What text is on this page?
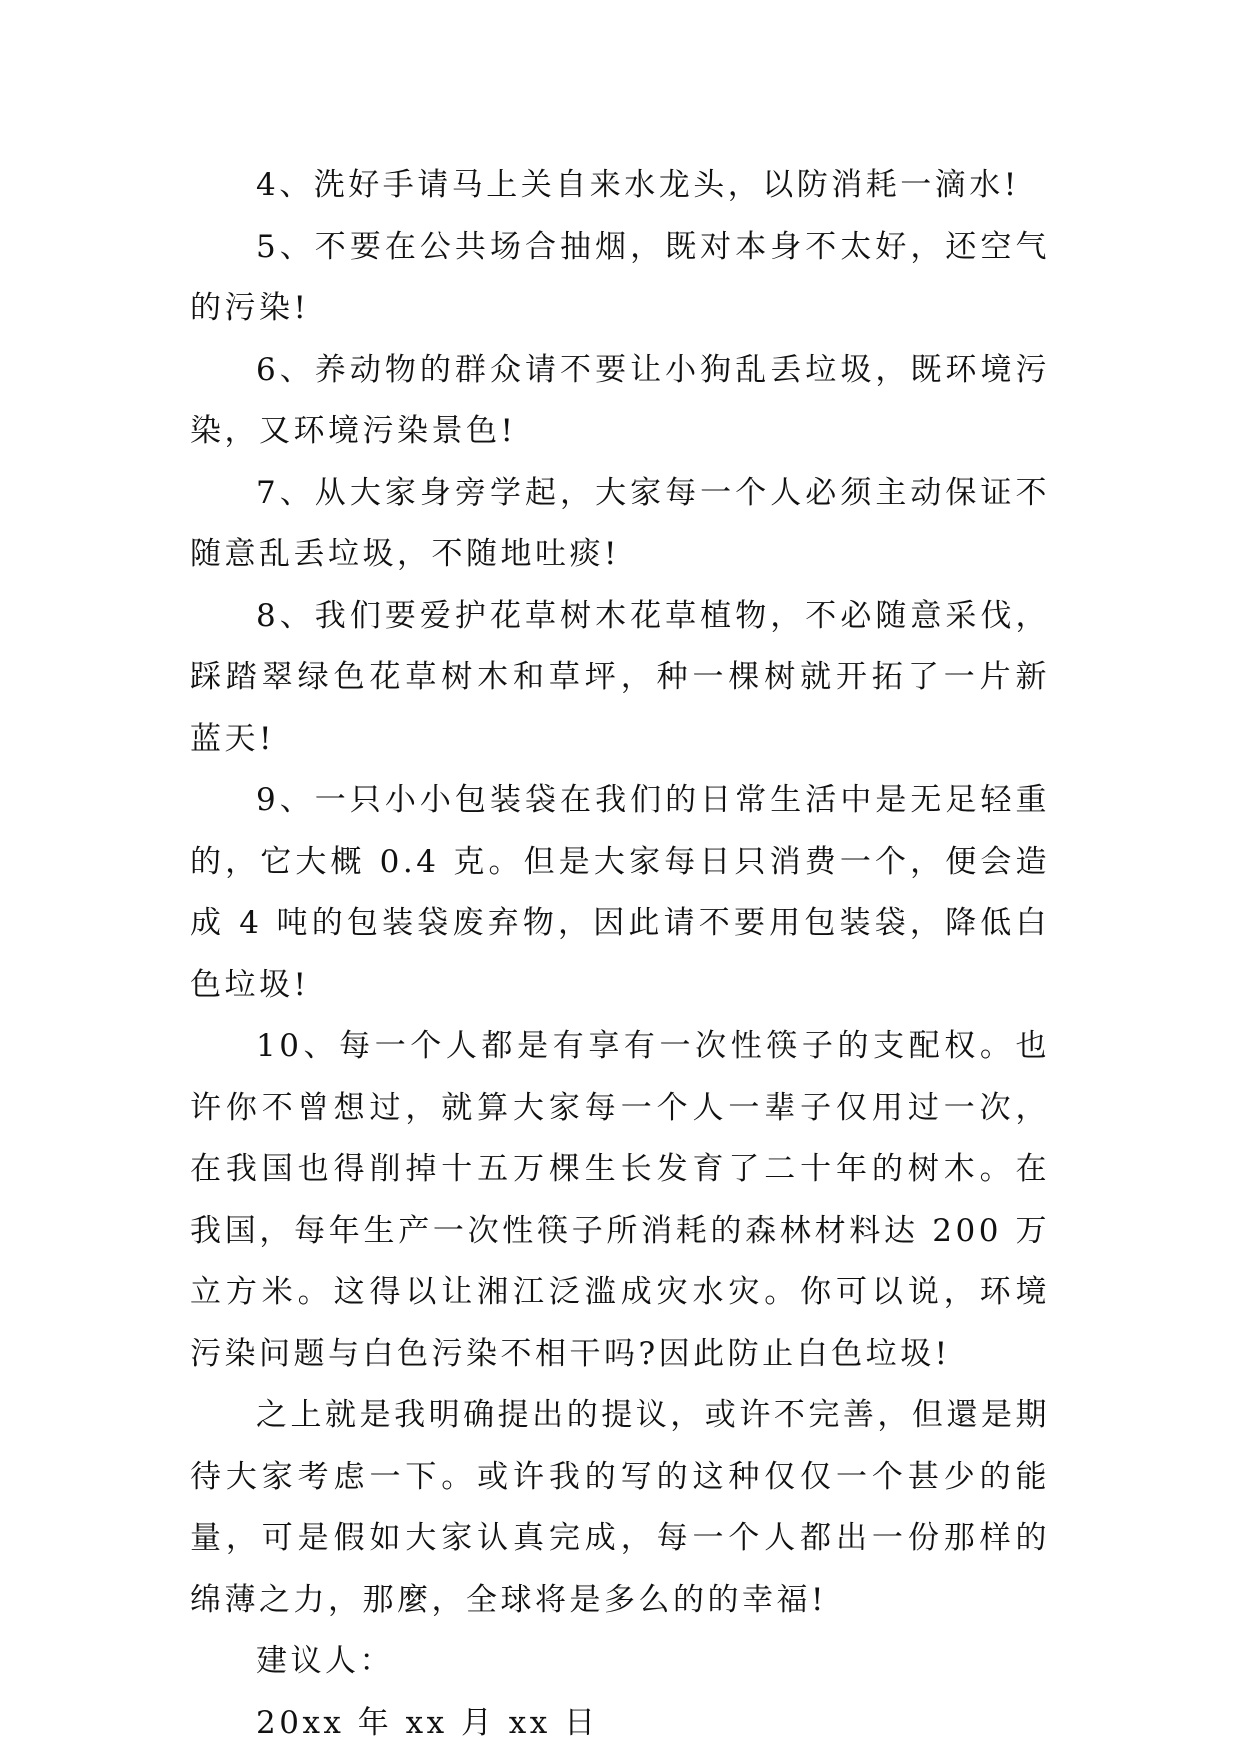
4、洗好手请马上关自来水龙头，以防消耗一滴水!

5、不要在公共场合抽烟，既对本身不太好，还空气的污染!

6、养动物的群众请不要让小狗乱丢垃圾，既环境污染，又环境污染景色!

7、从大家身旁学起，大家每一个人必须主动保证不随意乱丢垃圾，不随地吐痰!

8、我们要爱护花草树木花草植物，不必随意采伐，踩踏翠绿色花草树木和草坪，种一棵树就开拓了一片新蓝天!

9、一只小小包装袋在我们的日常生活中是无足轻重的，它大概 0.4 克。但是大家每日只消费一个，便会造成 4 吨的包装袋废弃物，因此请不要用包装袋，降低白色垃圾!

10、每一个人都是有享有一次性筷子的支配权。也许你不曾想过，就算大家每一个人一辈子仅用过一次，在我国也得削掉十五万棵生长发育了二十年的树木。在我国，每年生产一次性筷子所消耗的森林材料达 200 万立方米。这得以让湘江泛滥成灾水灾。你可以说，环境污染问题与白色污染不相干吗?因此防止白色垃圾!

之上就是我明确提出的提议，或许不完善，但還是期待大家考虑一下。或许我的写的这种仅仅一个甚少的能量，可是假如大家认真完成，每一个人都出一份那样的绵薄之力，那麼，全球将是多么的的幸福!

建议人：

20xx 年 xx 月 xx 日
